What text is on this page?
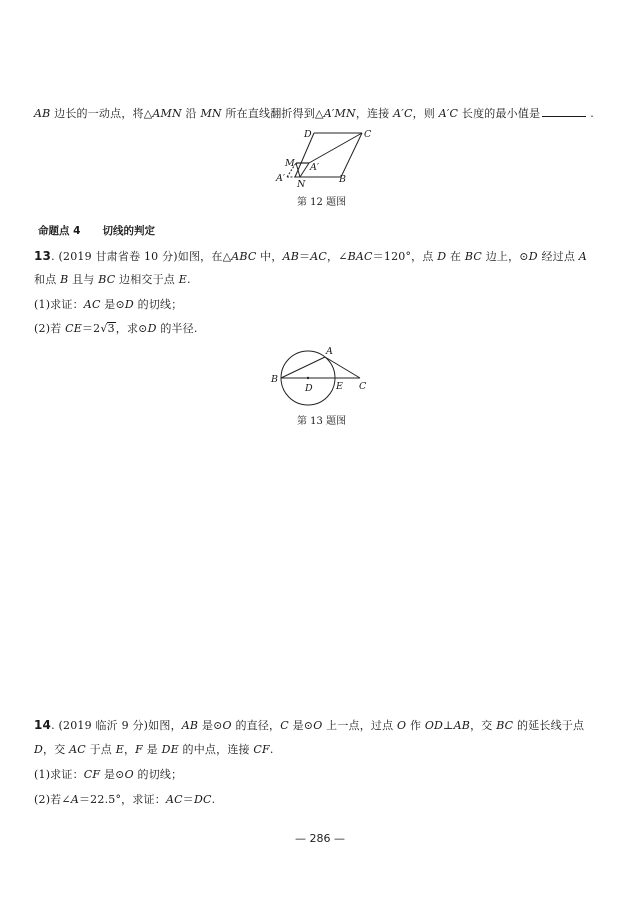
AB 边长的一动点，将△AMN 沿 MN 所在直线翻折得到△A′MN，连接 A′C，则 A′C 长度的最小值是	.
D	C
M A′
A′
N	B
第 12 题图
命题点 4 切线的判定
13. (2019 甘肃省卷 10 分)如图，在△ABC 中，AB＝AC，∠BAC＝120°，点 D 在 BC 边上，⊙D 经过点 A
和点 B 且与 BC 边相交于点 E.
(1)求证：AC 是⊙D 的切线；
(2)若 CE＝2√3，求⊙D 的半径.
A
B
D E C
第 13 题图
14. (2019 临沂 9 分)如图，AB 是⊙O 的直径，C 是⊙O 上一点，过点 O 作 OD⊥AB，交 BC 的延长线于点
D，交 AC 于点 E，F 是 DE 的中点，连接 CF.
(1)求证：CF 是⊙O 的切线；
(2)若∠A＝22.5°，求证：AC＝DC.
— 286 —
